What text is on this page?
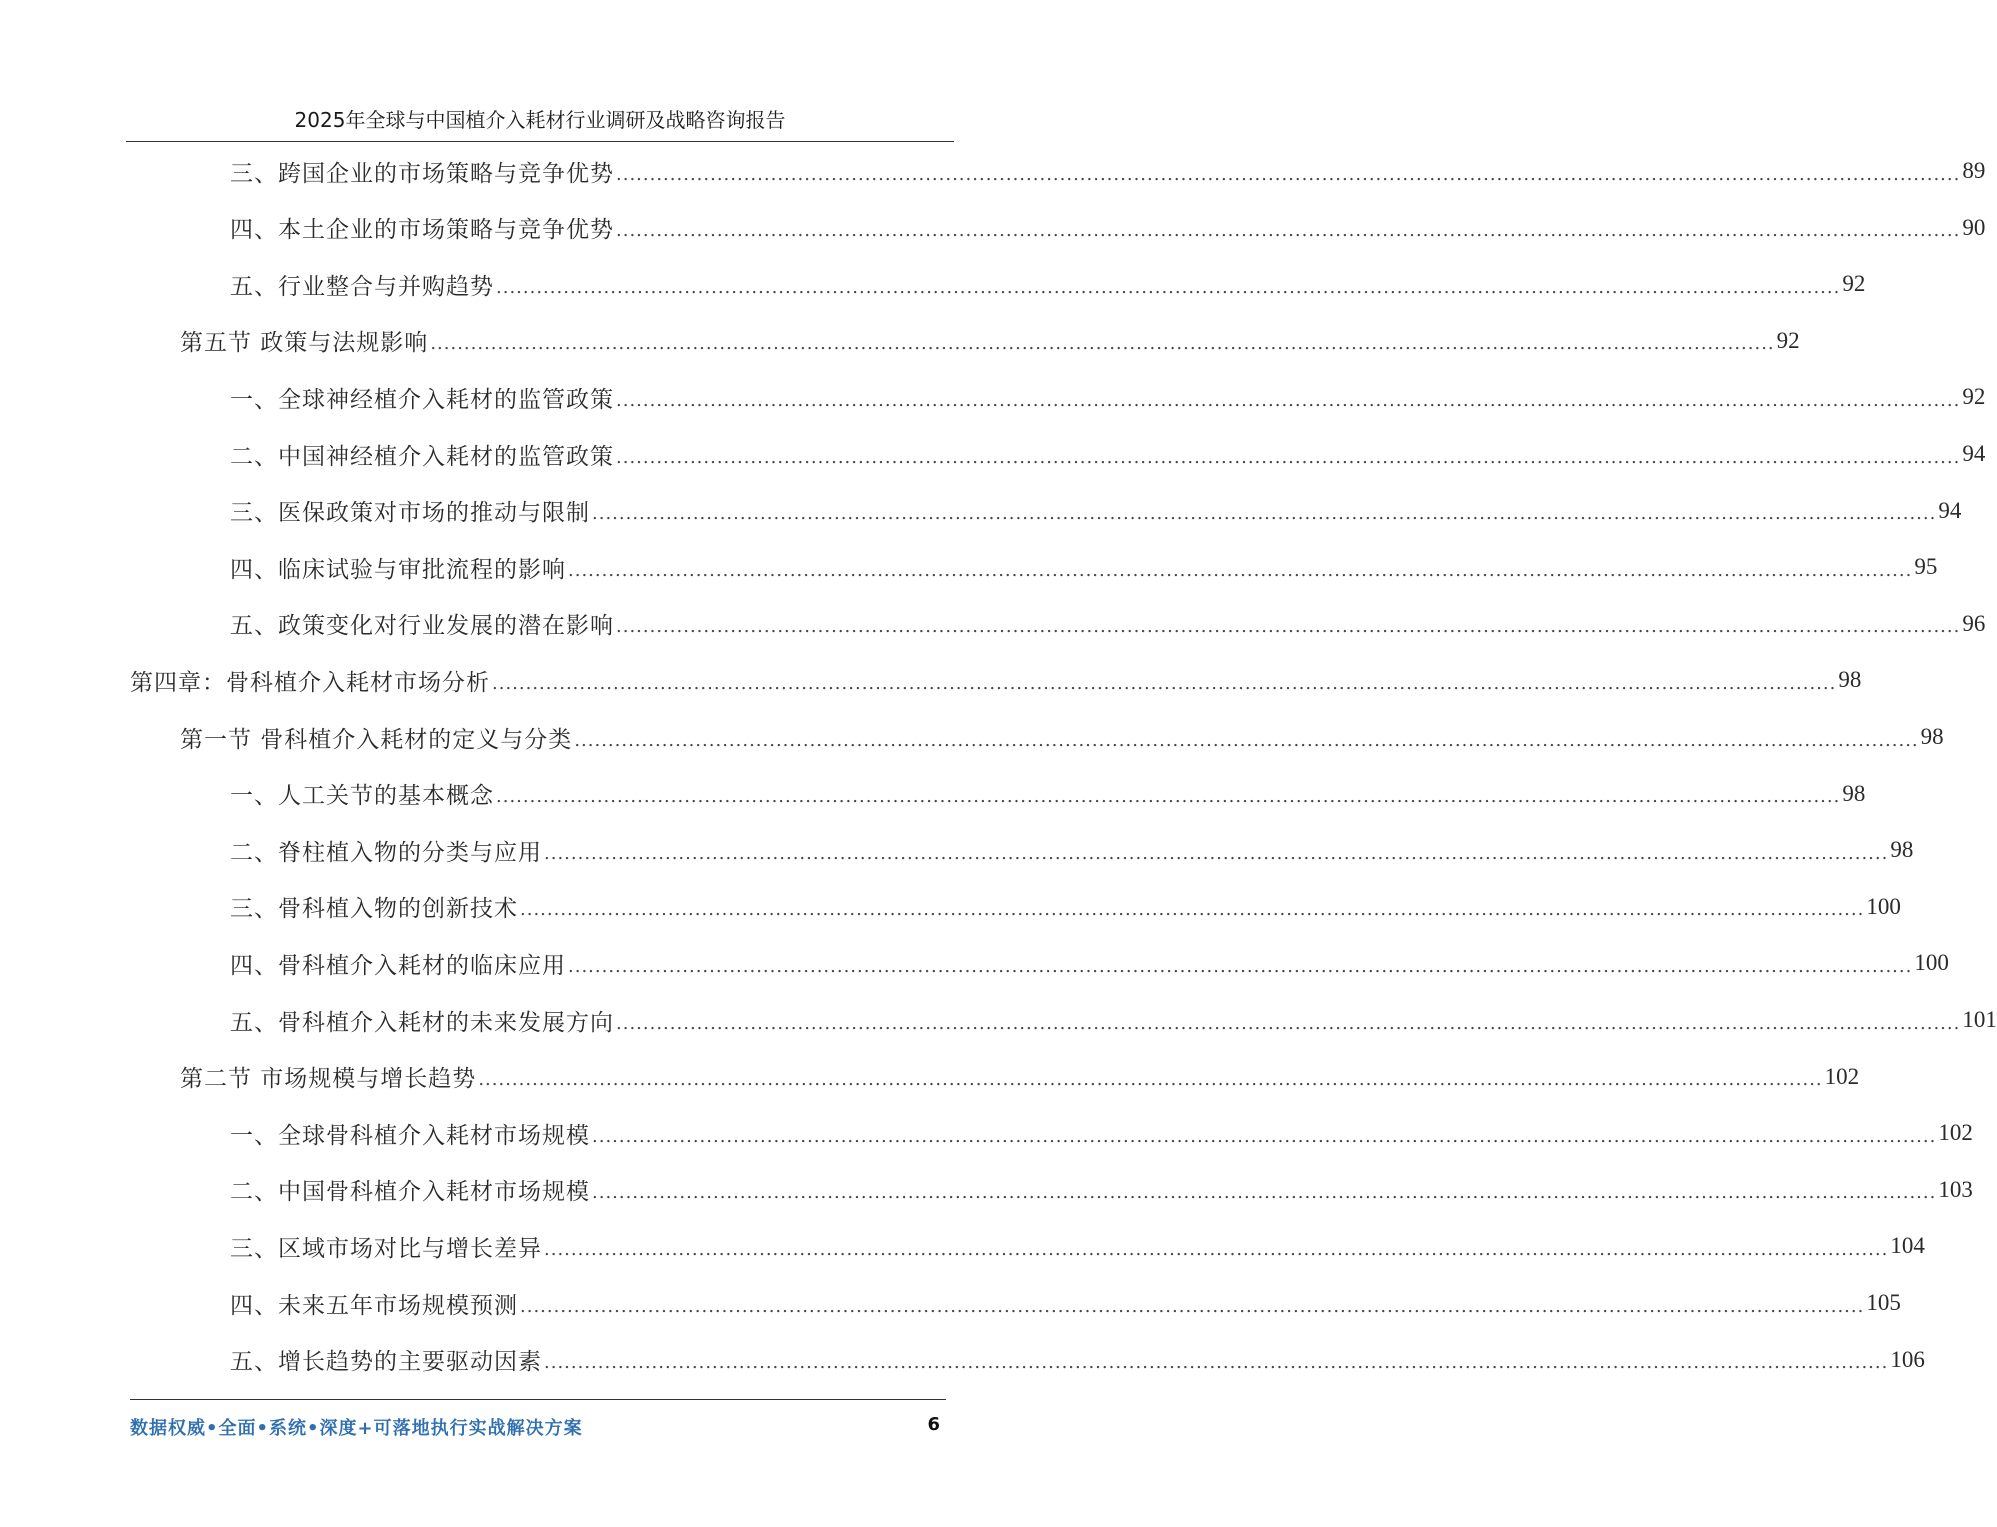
2025年全球与中国植介入耗材行业调研及战略咨询报告
三、跨国企业的市场策略与竞争优势 ........................................................................................................................................................................................................ 89
四、本土企业的市场策略与竞争优势 ........................................................................................................................................................................................................ 90
五、行业整合与并购趋势 ........................................................................................................................................................................................................ 92
第五节 政策与法规影响 ........................................................................................................................................................................................................ 92
一、全球神经植介入耗材的监管政策 ........................................................................................................................................................................................................ 92
二、中国神经植介入耗材的监管政策 ........................................................................................................................................................................................................ 94
三、医保政策对市场的推动与限制 ........................................................................................................................................................................................................ 94
四、临床试验与审批流程的影响 ........................................................................................................................................................................................................ 95
五、政策变化对行业发展的潜在影响 ........................................................................................................................................................................................................ 96
第四章：骨科植介入耗材市场分析 ........................................................................................................................................................................................................ 98
第一节 骨科植介入耗材的定义与分类 ........................................................................................................................................................................................................ 98
一、人工关节的基本概念 ........................................................................................................................................................................................................ 98
二、脊柱植入物的分类与应用 ........................................................................................................................................................................................................ 98
三、骨科植入物的创新技术 ........................................................................................................................................................................................................ 100
四、骨科植介入耗材的临床应用 ........................................................................................................................................................................................................ 100
五、骨科植介入耗材的未来发展方向 ........................................................................................................................................................................................................ 101
第二节 市场规模与增长趋势 ........................................................................................................................................................................................................ 102
一、全球骨科植介入耗材市场规模 ........................................................................................................................................................................................................ 102
二、中国骨科植介入耗材市场规模 ........................................................................................................................................................................................................ 103
三、区域市场对比与增长差异 ........................................................................................................................................................................................................ 104
四、未来五年市场规模预测 ........................................................................................................................................................................................................ 105
五、增长趋势的主要驱动因素 ........................................................................................................................................................................................................ 106
数据权威•全面•系统•深度+可落地执行实战解决方案	6
